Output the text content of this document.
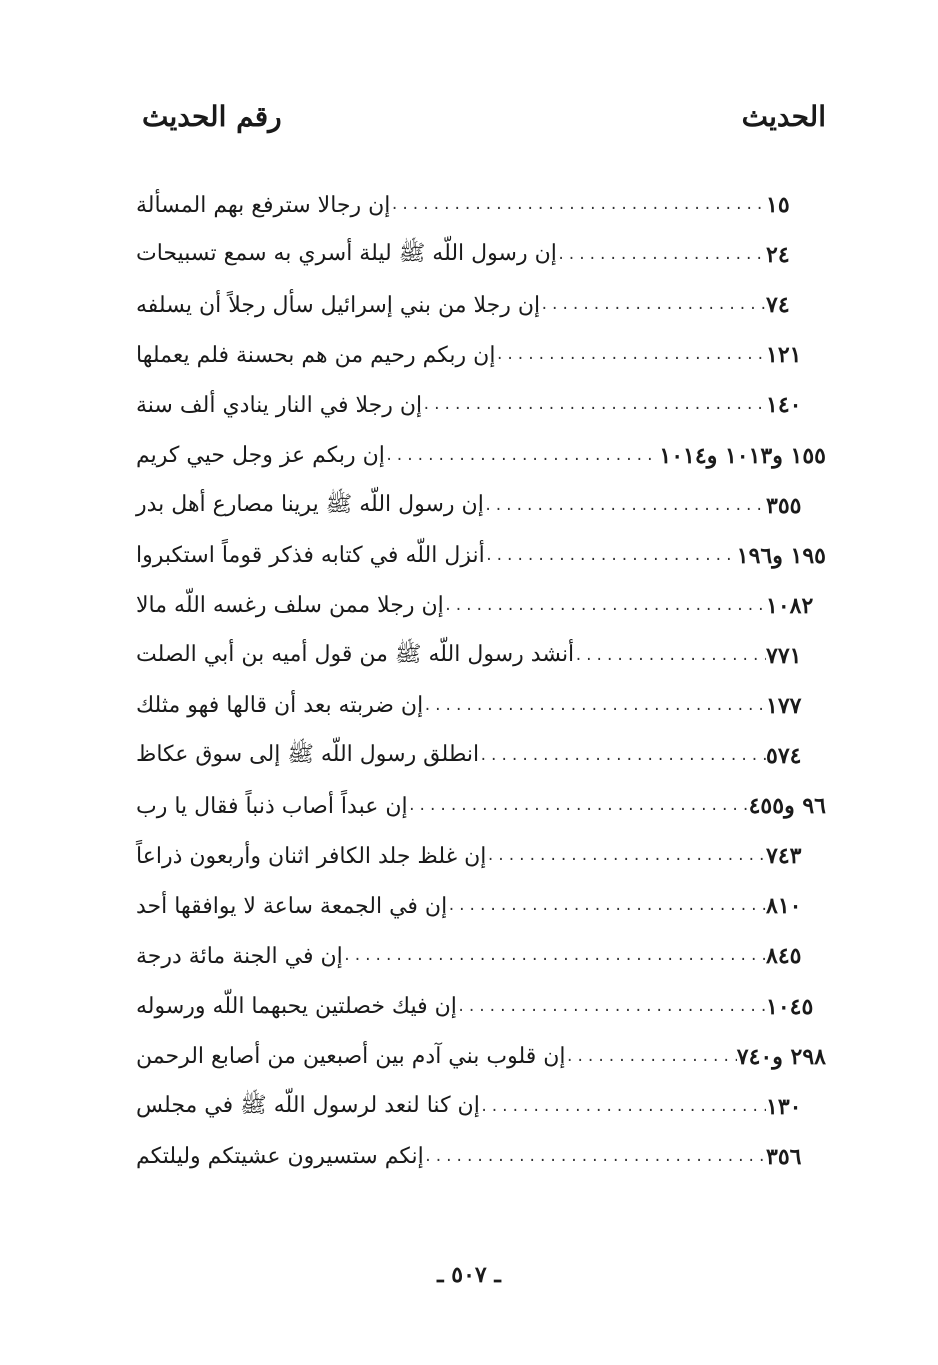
رقم الحديث	الحديث
إن رجالا سترفع بهم المسألة .....	١٥
إن رسول اللّه ﷺ ليلة أسري به سمع تسبيحات .....	٢٤
إن رجلا من بني إسرائيل سأل رجلاً أن يسلفه .....	٧٤
إن ربكم رحيم من هم بحسنة فلم يعملها .....	١٢١
إن رجلا في النار ينادي ألف سنة .....	١٤٠
إن ربكم عز وجل حيي كريم .....	١٥٥ و١٠١٣ و١٠١٤
إن رسول اللّه ﷺ يرينا مصارع أهل بدر .....	٣٥٥
أنزل اللّه في كتابه فذكر قوماً استكبروا .....	١٩٥ و١٩٦
إن رجلا ممن سلف رغسه اللّه مالا .....	١٠٨٢
أنشد رسول اللّه ﷺ من قول أميه بن أبي الصلت .....	٧٧١
إن ضربته بعد أن قالها فهو مثلك .....	١٧٧
انطلق رسول اللّه ﷺ إلى سوق عكاظ .....	٥٧٤
إن عبداً أصاب ذنباً فقال يا رب .....	٩٦ و٤٥٥
إن غلظ جلد الكافر اثنان وأربعون ذراعاً .....	٧٤٣
إن في الجمعة ساعة لا يوافقها أحد .....	٨١٠
إن في الجنة مائة درجة .....	٨٤٥
إن فيك خصلتين يحبهما اللّه ورسوله .....	١٠٤٥
إن قلوب بني آدم بين أصبعين من أصابع الرحمن .....	٢٩٨ و٧٤٠
إن كنا لنعد لرسول اللّه ﷺ في مجلس .....	١٣٠
إنكم ستسيرون عشيتكم وليلتكم .....	٣٥٦
ـ ٥٠٧ ـ
